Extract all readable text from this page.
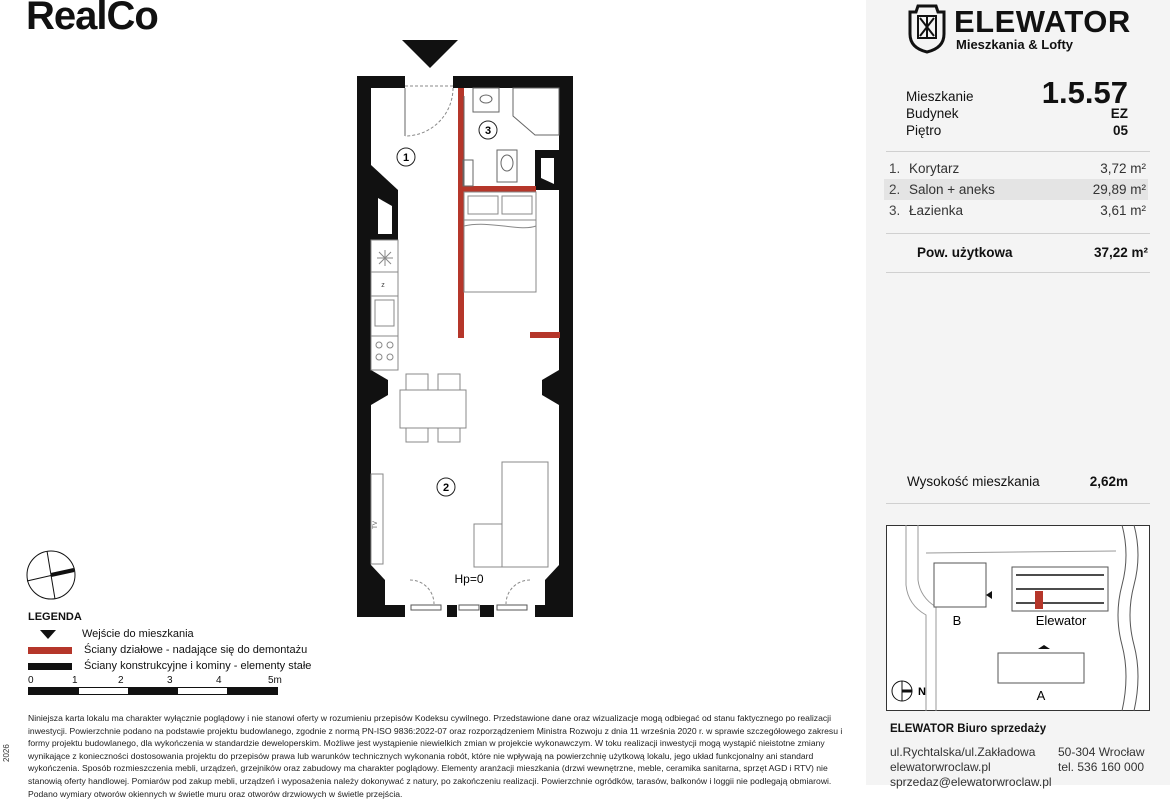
RealCo
TV
1
3
2
z
Hp=0
LEGENDA
Wejście do mieszkania
Ściany działowe - nadające się do demontażu
Ściany konstrukcyjne i kominy - elementy stałe
0	1	2	3	4	5m
Niniejsza karta lokalu ma charakter wyłącznie poglądowy i nie stanowi oferty w rozumieniu przepisów Kodeksu cywilnego. Przedstawione dane oraz wizualizacje mogą odbiegać od stanu faktycznego po realizacji inwestycji. Powierzchnie podano na podstawie projektu budowlanego, zgodnie z normą PN-ISO 9836:2022-07 oraz rozporządzeniem Ministra Rozwoju z dnia 11 września 2020 r. w sprawie szczegółowego zakresu i formy projektu budowlanego, dla wykończenia w standardzie deweloperskim. Możliwe jest wystąpienie niewielkich zmian w projekcie wykonawczym. W toku realizacji inwestycji mogą wystąpić nieistotne zmiany wynikające z konieczności dostosowania projektu do przepisów prawa lub warunków technicznych wykonania robót, które nie wpływają na powierzchnię użytkową lokalu, jego układ funkcjonalny ani standard wykończenia. Sposób rozmieszczenia mebli, urządzeń, grzejników oraz zabudowy ma charakter poglądowy. Elementy aranżacji mieszkania (drzwi wewnętrzne, meble, ceramika sanitarna, sprzęt AGD i RTV) nie stanowią oferty handlowej. Pomiarów pod zakup mebli, urządzeń i wyposażenia należy dokonywać z natury, po zakończeniu realizacji. Powierzchnie ogródków, tarasów, balkonów i loggii nie podlegają obmiarowi. Podano wymiary otworów okiennych w świetle muru oraz otworów drzwiowych w świetle przejścia.
2026
ELEWATOR
Mieszkania & Lofty
Mieszkanie 1.5.57
Budynek	EZ
Piętro	05
1. Korytarz	3,72 m²
2. Salon + aneks	29,89 m²
3. Łazienka	3,61 m²
Pow. użytkowa	37,22 m²
Wysokość mieszkania	2,62m
B	Elewator
A
N
ELEWATOR Biuro sprzedaży
ul.Rychtalska/ul.Zakładowa 50-304 Wrocław
elewatorwroclaw.pl	tel. 536 160 000
sprzedaz@elewatorwroclaw.pl
